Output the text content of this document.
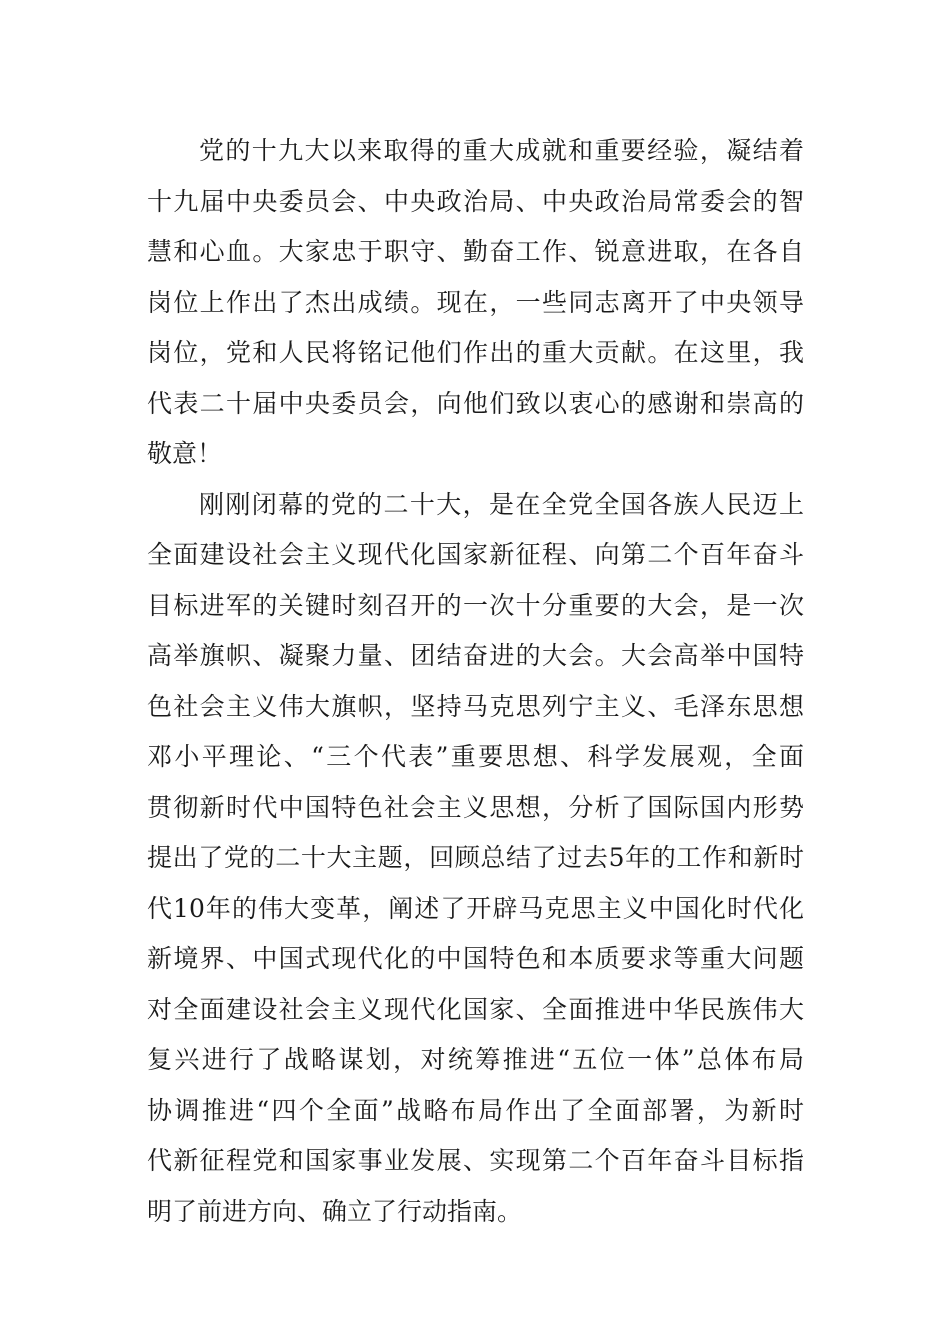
党的十九大以来取得的重大成就和重要经验，凝结着
十九届中央委员会、中央政治局、中央政治局常委会的智
慧和心血。大家忠于职守、勤奋工作、锐意进取，在各自
岗位上作出了杰出成绩。现在，一些同志离开了中央领导
岗位，党和人民将铭记他们作出的重大贡献。在这里，我
代表二十届中央委员会，向他们致以衷心的感谢和崇高的
敬意！

刚刚闭幕的党的二十大，是在全党全国各族人民迈上
全面建设社会主义现代化国家新征程、向第二个百年奋斗
目标进军的关键时刻召开的一次十分重要的大会，是一次
高举旗帜、凝聚力量、团结奋进的大会。大会高举中国特
色社会主义伟大旗帜，坚持马克思列宁主义、毛泽东思想
邓小平理论、“三个代表”重要思想、科学发展观，全面
贯彻新时代中国特色社会主义思想，分析了国际国内形势
提出了党的二十大主题，回顾总结了过去5年的工作和新时
代10年的伟大变革，阐述了开辟马克思主义中国化时代化
新境界、中国式现代化的中国特色和本质要求等重大问题
对全面建设社会主义现代化国家、全面推进中华民族伟大
复兴进行了战略谋划，对统筹推进“五位一体”总体布局
协调推进“四个全面”战略布局作出了全面部署，为新时
代新征程党和国家事业发展、实现第二个百年奋斗目标指
明了前进方向、确立了行动指南。
